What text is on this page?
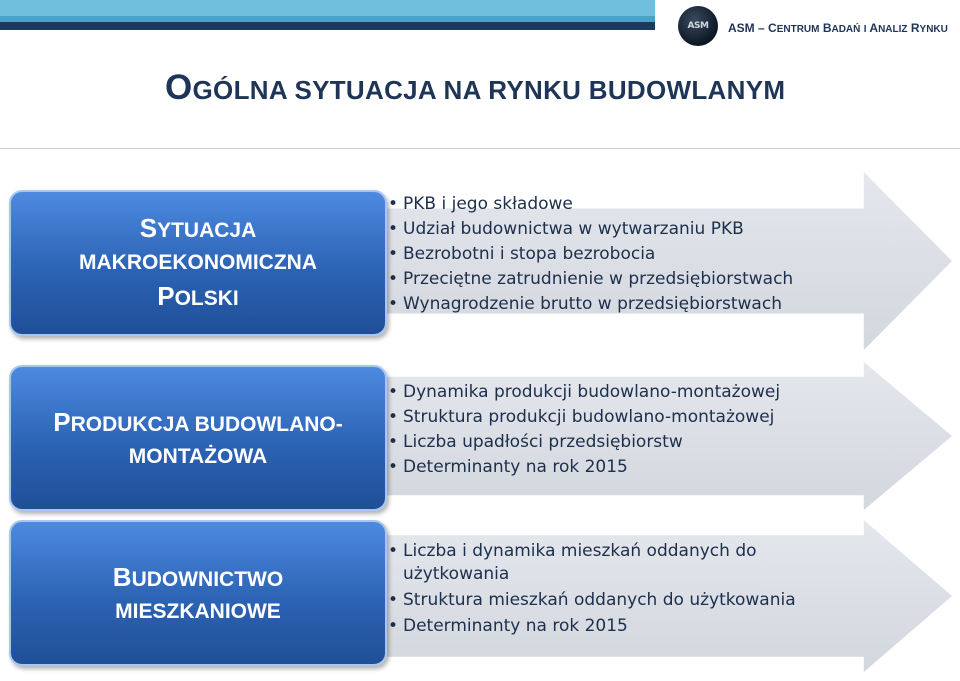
ASM ASM – CENTRUM BADAŃ I ANALIZ RYNKU
OGÓLNA SYTUACJA NA RYNKU BUDOWLANYM
• PKB i jego składowe
• Udział budownictwa w wytwarzaniu PKB
• Bezrobotni i stopa bezrobocia
• Przeciętne zatrudnienie w przedsiębiorstwach
• Wynagrodzenie brutto w przedsiębiorstwach
SYTUACJA
MAKROEKONOMICZNA
POLSKI
• Dynamika produkcji budowlano-montażowej
• Struktura produkcji budowlano-montażowej
• Liczba upadłości przedsiębiorstw
• Determinanty na rok 2015
PRODUKCJA BUDOWLANO-
MONTAŻOWA
• Liczba i dynamika mieszkań oddanych do użytkowania
• Struktura mieszkań oddanych do użytkowania
• Determinanty na rok 2015
BUDOWNICTWO
MIESZKANIOWE
